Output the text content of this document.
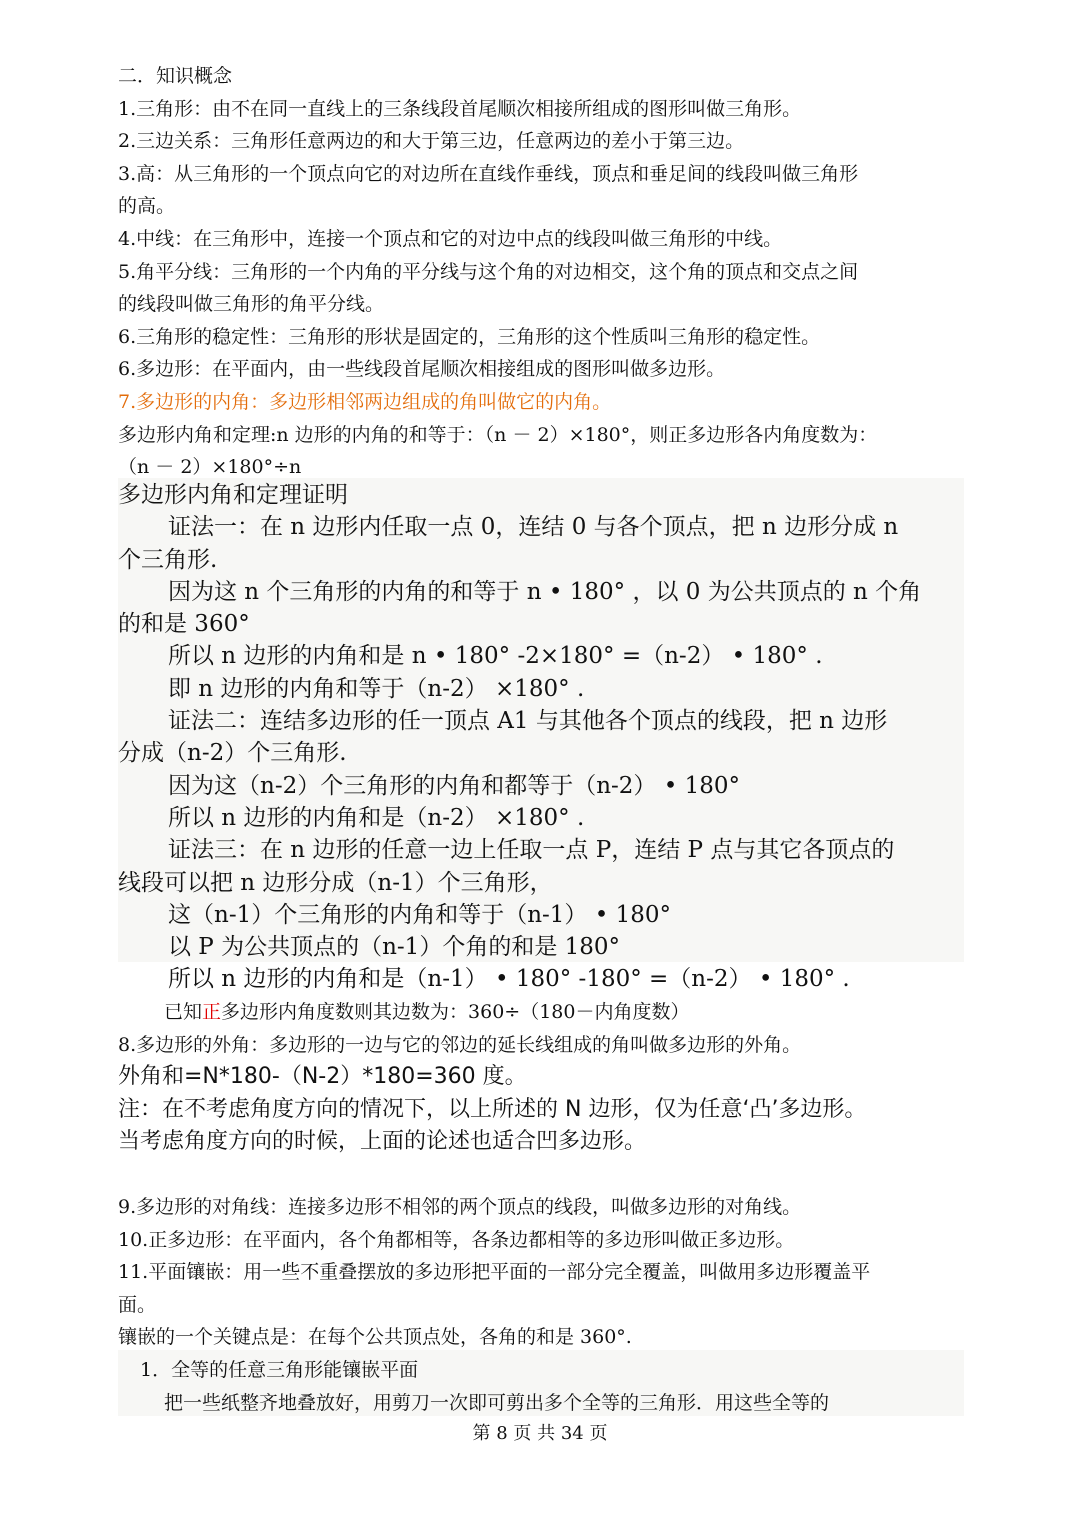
二．知识概念

1.三角形：由不在同一直线上的三条线段首尾顺次相接所组成的图形叫做三角形。

2.三边关系：三角形任意两边的和大于第三边，任意两边的差小于第三边。

3.高：从三角形的一个顶点向它的对边所在直线作垂线，顶点和垂足间的线段叫做三角形

的高。

4.中线：在三角形中，连接一个顶点和它的对边中点的线段叫做三角形的中线。

5.角平分线：三角形的一个内角的平分线与这个角的对边相交，这个角的顶点和交点之间

的线段叫做三角形的角平分线。

6.三角形的稳定性：三角形的形状是固定的，三角形的这个性质叫三角形的稳定性。

6.多边形：在平面内，由一些线段首尾顺次相接组成的图形叫做多边形。

7.多边形的内角：多边形相邻两边组成的角叫做它的内角。

多边形内角和定理:n 边形的内角的和等于：（n － 2）×180°，则正多边形各内角度数为：

（n － 2）×180°÷n

多边形内角和定理证明

证法一：在 n 边形内任取一点 0，连结 0 与各个顶点，把 n 边形分成 n

个三角形.

因为这 n 个三角形的内角的和等于 n • 180° ，以 0 为公共顶点的 n 个角

的和是 360°

所以 n 边形的内角和是 n • 180° -2×180° =（n-2） • 180° .

即 n 边形的内角和等于（n-2） ×180° .

证法二：连结多边形的任一顶点 A1 与其他各个顶点的线段，把 n 边形

分成（n-2）个三角形.

因为这（n-2）个三角形的内角和都等于（n-2） • 180°

所以 n 边形的内角和是（n-2） ×180° .

证法三：在 n 边形的任意一边上任取一点 P，连结 P 点与其它各顶点的

线段可以把 n 边形分成（n-1）个三角形，

这（n-1）个三角形的内角和等于（n-1） • 180°

以 P 为公共顶点的（n-1）个角的和是 180°

所以 n 边形的内角和是（n-1） • 180° -180° =（n-2） • 180° .

已知正多边形内角度数则其边数为：360÷（180－内角度数）

8.多边形的外角：多边形的一边与它的邻边的延长线组成的角叫做多边形的外角。

外角和=N*180-（N-2）*180=360 度。

注：在不考虑角度方向的情况下，以上所述的 N 边形，仅为任意‘凸’多边形。

当考虑角度方向的时候，上面的论述也适合凹多边形。

9.多边形的对角线：连接多边形不相邻的两个顶点的线段，叫做多边形的对角线。

10.正多边形：在平面内，各个角都相等，各条边都相等的多边形叫做正多边形。

11.平面镶嵌：用一些不重叠摆放的多边形把平面的一部分完全覆盖，叫做用多边形覆盖平

面。

镶嵌的一个关键点是：在每个公共顶点处，各角的和是 360°.

1．全等的任意三角形能镶嵌平面

把一些纸整齐地叠放好，用剪刀一次即可剪出多个全等的三角形．用这些全等的

第 8 页 共 34 页
